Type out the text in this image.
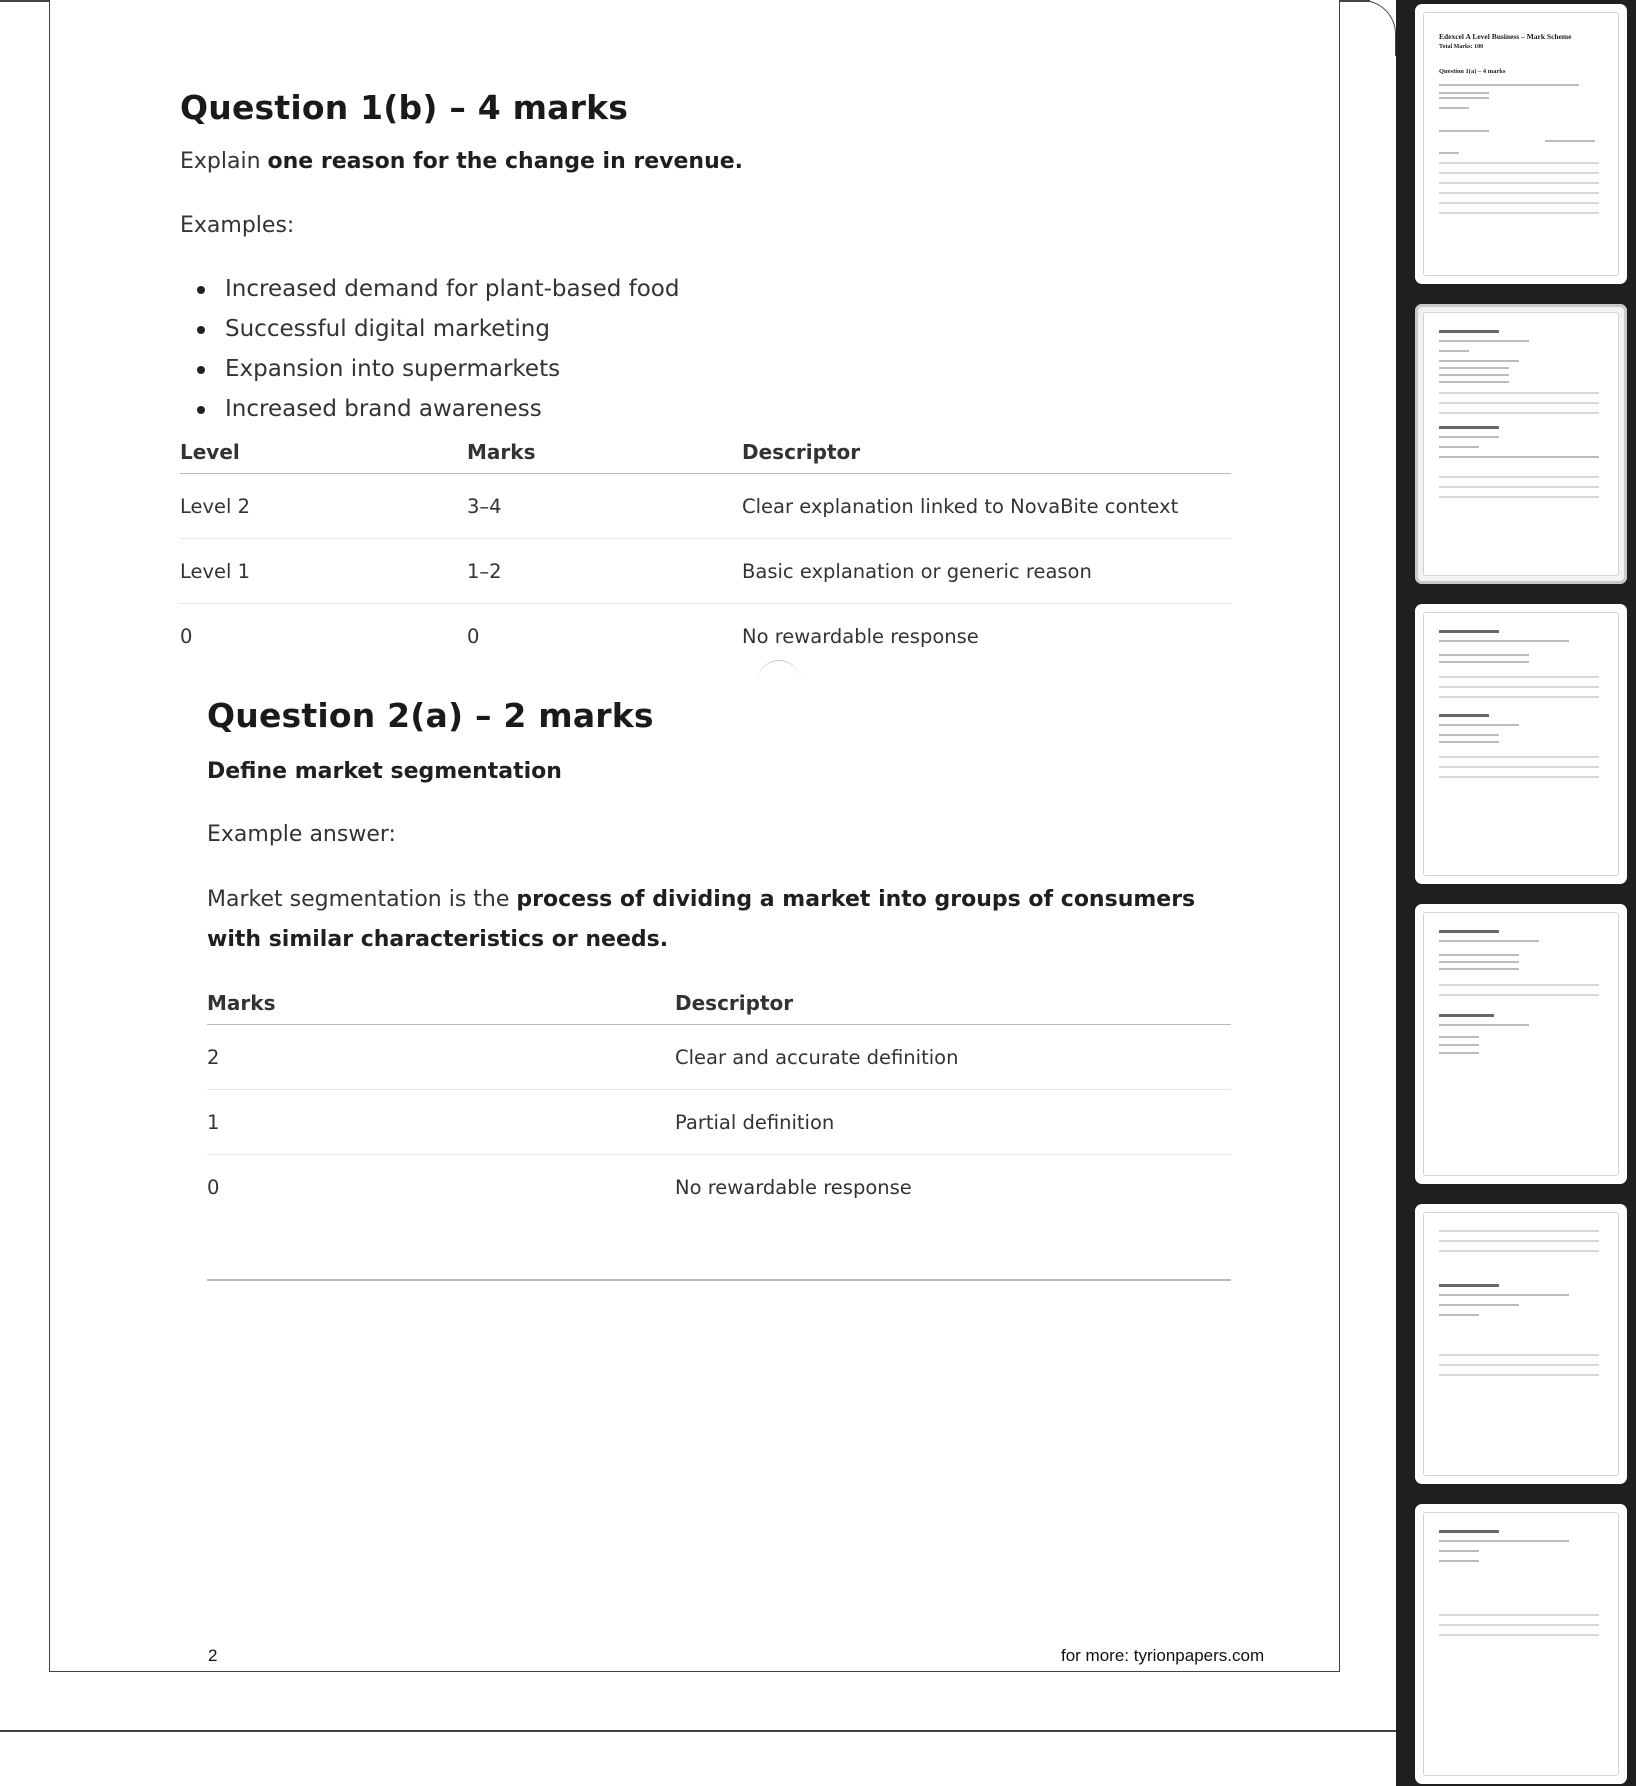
Question 1(b) – 4 marks

Explain one reason for the change in revenue.

Examples:

Increased demand for plant-based food
Successful digital marketing
Expansion into supermarkets
Increased brand awareness
Level	Marks	Descriptor
Level 2	3–4	Clear explanation linked to NovaBite context
Level 1	1–2	Basic explanation or generic reason
0	0	No rewardable response
Question 2(a) – 2 marks

Define market segmentation

Example answer:

Market segmentation is the process of dividing a market into groups of consumers with similar characteristics or needs.

Marks	Descriptor
2	Clear and accurate definition
1	Partial definition
0	No rewardable response
2	for more: tyrionpapers.com
Edexcel A Level Business – Mark Scheme
Total Marks: 100
Question 1(a) – 4 marks
